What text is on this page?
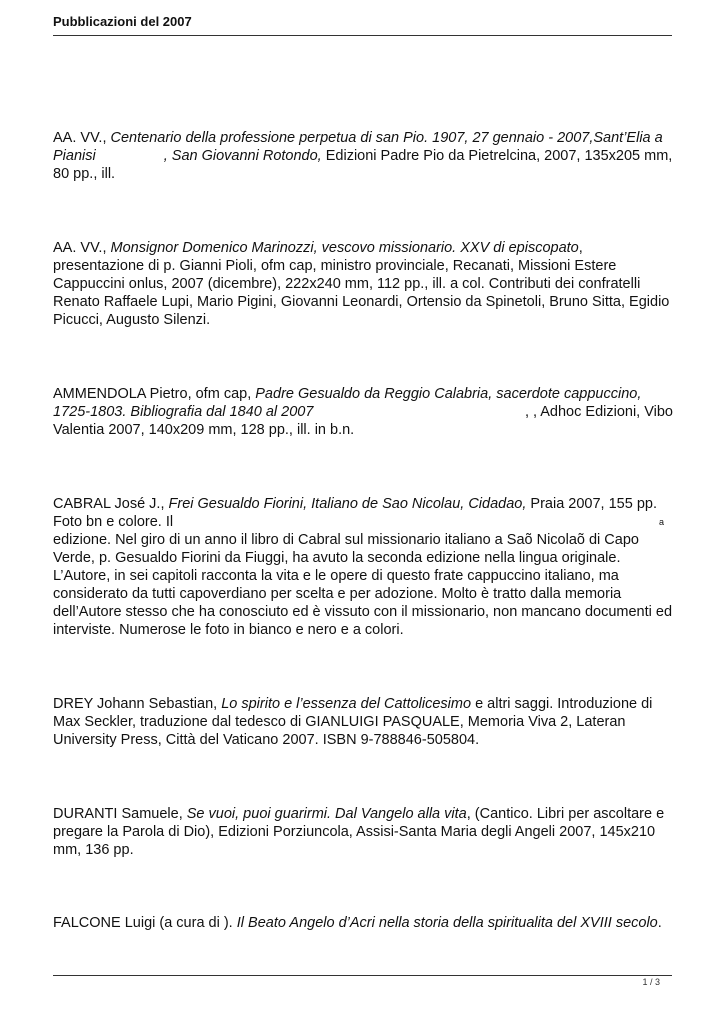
Pubblicazioni del 2007

AA. VV., Centenario della professione perpetua di san Pio. 1907, 27 gennaio - 2007,Sant’Elia a Pianisi	, San Giovanni Rotondo, Edizioni Padre Pio da Pietrelcina, 2007, 135x205 mm, 80 pp., ill.

AA. VV., Monsignor Domenico Marinozzi, vescovo missionario. XXV di episcopato, presentazione di p. Gianni Pioli, ofm cap, ministro provinciale, Recanati, Missioni Estere Cappuccini onlus, 2007 (dicembre), 222x240 mm, 112 pp., ill. a col. Contributi dei confratelli Renato Raffaele Lupi, Mario Pigini, Giovanni Leonardi, Ortensio da Spinetoli, Bruno Sitta, Egidio Picucci, Augusto Silenzi.

AMMENDOLA Pietro, ofm cap, Padre Gesualdo da Reggio Calabria, sacerdote cappuccino, 1725-1803. Bibliografia dal 1840 al 2007	, , Adhoc Edizioni, Vibo

Valentia 2007, 140x209 mm, 128 pp., ill. in b.n.

CABRAL José J., Frei Gesualdo Fiorini, Italiano de Sao Nicolau, Cidadao, Praia 2007, 155 pp.
Foto bn e colore. Il	a

edizione. Nel giro di un anno il libro di Cabral sul missionario italiano a Saõ Nicolaõ di Capo Verde, p. Gesualdo Fiorini da Fiuggi, ha avuto la seconda edizione nella lingua originale. L’Autore, in sei capitoli racconta la vita e le opere di questo frate cappuccino italiano, ma considerato da tutti capoverdiano per scelta e per adozione. Molto è tratto dalla memoria dell’Autore stesso che ha conosciuto ed è vissuto con il missionario, non mancano documenti ed interviste. Numerose le foto in bianco e nero e a colori.

DREY Johann Sebastian, Lo spirito e l’essenza del Cattolicesimo e altri saggi. Introduzione di Max Seckler, traduzione dal tedesco di GIANLUIGI PASQUALE, Memoria Viva 2, Lateran University Press, Città del Vaticano 2007. ISBN 9-788846-505804.

DURANTI Samuele, Se vuoi, puoi guarirmi. Dal Vangelo alla vita, (Cantico. Libri per ascoltare e pregare la Parola di Dio), Edizioni Porziuncola, Assisi-Santa Maria degli Angeli 2007, 145x210 mm, 136 pp.

FALCONE Luigi (a cura di ). Il Beato Angelo d’Acri nella storia della spiritualita del XVIII secolo.

1 / 3
